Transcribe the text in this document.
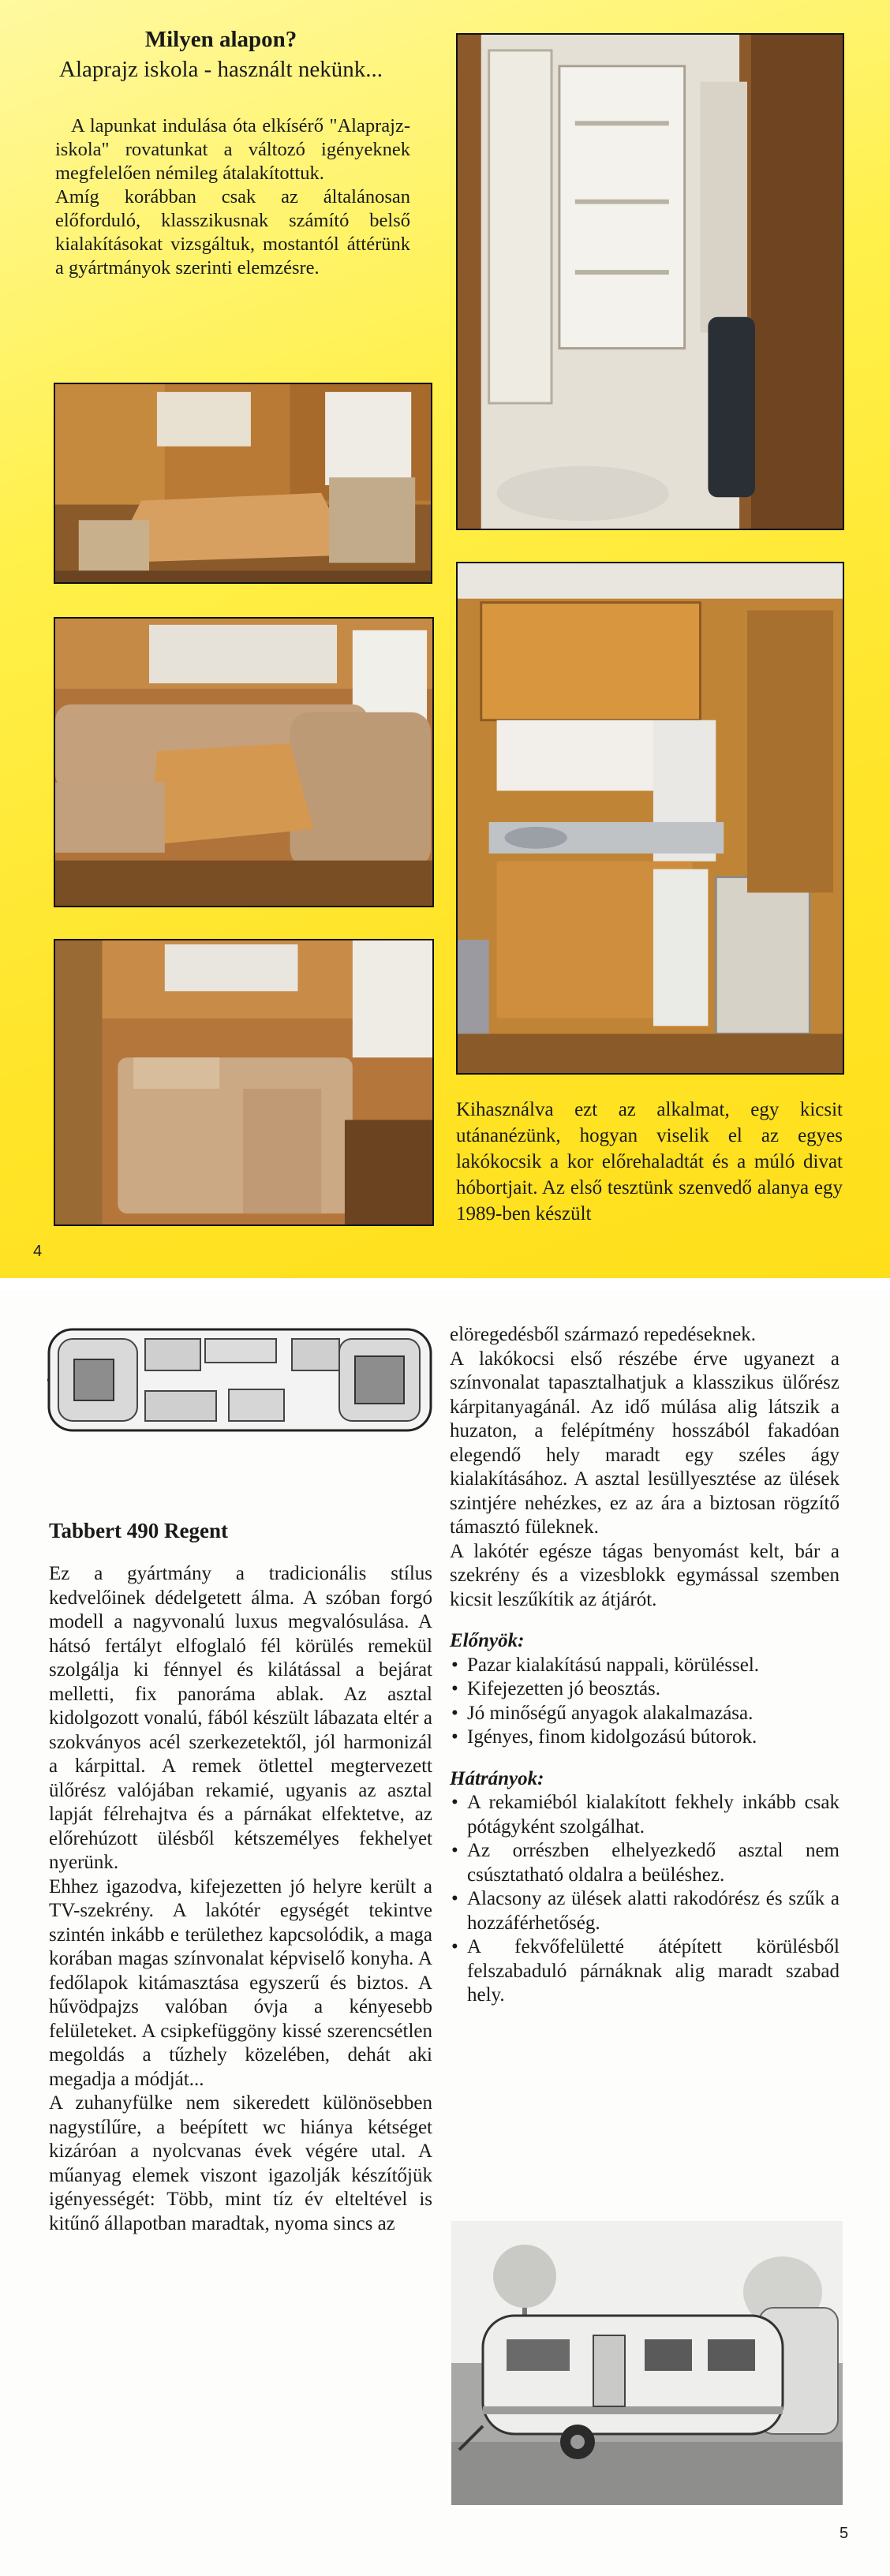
Milyen alapon?
Alaprajz iskola - használt nekünk...

A lapunkat indulása óta elkísérő "Alaprajz-iskola" rovatunkat a változó igényeknek megfelelően némileg átalakítottuk.

Amíg korábban csak az általánosan előforduló, klasszikusnak számító belső kialakításokat vizsgáltuk, mostantól áttérünk a gyártmányok szerinti elemzésre.

Kihasználva ezt az alkalmat, egy kicsit utánanézünk, hogyan viselik el az egyes lakókocsik a kor előrehaladtát és a múló divat hóbortjait. Az első tesztünk szenvedő alanya egy 1989-ben készült
4
Tabbert 490 Regent

Ez a gyártmány a tradicionális stílus kedvelőinek dédelgetett álma. A szóban forgó modell a nagyvonalú luxus megvalósulása. A hátsó fertályt elfoglaló fél körülés remekül szolgálja ki fénnyel és kilátással a bejárat melletti, fix panoráma ablak. Az asztal kidolgozott vonalú, fából készült lábazata eltér a szokványos acél szerkezetektől, jól harmonizál a kárpittal. A remek ötlettel megtervezett ülőrész valójában rekamié, ugyanis az asztal lapját félrehajtva és a párnákat elfektetve, az előrehúzott ülésből kétszemélyes fekhelyet nyerünk.

Ehhez igazodva, kifejezetten jó helyre került a TV-szekrény. A lakótér egységét tekintve szintén inkább e területhez kapcsolódik, a maga korában magas színvonalat képviselő konyha. A fedőlapok kitámasztása egyszerű és biztos. A hűvödpajzs valóban óvja a kényesebb felületeket. A csipkefüggöny kissé szerencsétlen megoldás a tűzhely közelében, dehát aki megadja a módját...

A zuhanyfülke nem sikeredett különösebben nagystílűre, a beépített wc hiánya kétséget kizáróan a nyolcvanas évek végére utal. A műanyag elemek viszont igazolják készítőjük igényességét: Több, mint tíz év elteltével is kitűnő állapotban maradtak, nyoma sincs az

elöregedésből származó repedéseknek.

A lakókocsi első részébe érve ugyanezt a színvonalat tapasztalhatjuk a klasszikus ülőrész kárpitanyagánál. Az idő múlása alig látszik a huzaton, a felépítmény hosszából fakadóan elegendő hely maradt egy széles ágy kialakításához. A asztal lesüllyesztése az ülések szintjére nehézkes, ez az ára a biztosan rögzítő támasztó füleknek.

A lakótér egésze tágas benyomást kelt, bár a szekrény és a vizesblokk egymással szemben kicsit leszűkítik az átjárót.

Előnyök:

• Pazar kialakítású nappali, körüléssel.
• Kifejezetten jó beosztás.
• Jó minőségű anyagok alakalmazása.
• Igényes, finom kidolgozású bútorok.

Hátrányok:

• A rekamiéból kialakított fekhely inkább csak pótágyként szolgálhat.
• Az orrészben elhelyezkedő asztal nem csúsztatható oldalra a beüléshez.
• Alacsony az ülések alatti rakodórész és szűk a hozzáférhetőség.
• A fekvőfelületté átépített körülésből felszabaduló párnáknak alig maradt szabad hely.
5
